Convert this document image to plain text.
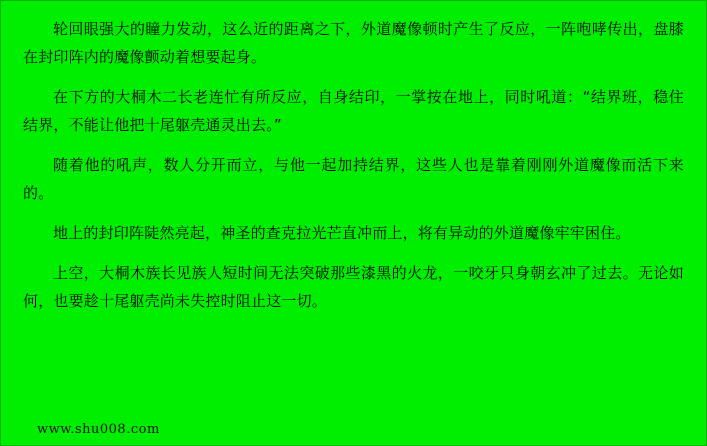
轮回眼强大的瞳力发动，这么近的距离之下，外道魔像顿时产生了反应，一阵咆哮传出，盘膝在封印阵内的魔像颤动着想要起身。

在下方的大桐木二长老连忙有所反应，自身结印，一掌按在地上，同时吼道：“结界班，稳住结界，不能让他把十尾躯壳通灵出去。”

随着他的吼声，数人分开而立，与他一起加持结界，这些人也是靠着刚刚外道魔像而活下来的。

地上的封印阵陡然亮起，神圣的查克拉光芒直冲而上，将有异动的外道魔像牢牢困住。

上空，大桐木族长见族人短时间无法突破那些漆黑的火龙，一咬牙只身朝玄冲了过去。无论如何，也要趁十尾躯壳尚未失控时阻止这一切。

www.shu008.com
